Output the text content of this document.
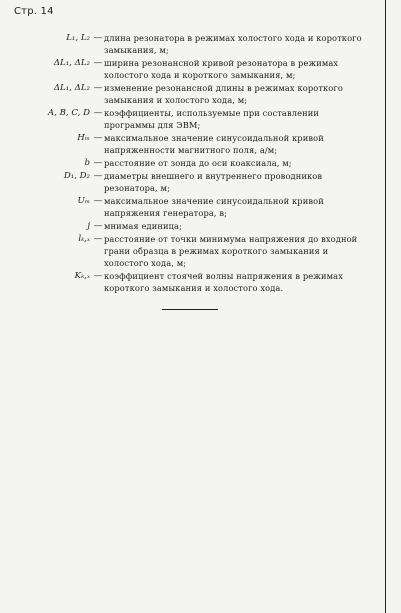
Стр. 14
L₁, L₂ — длина резонатора в режимах холостого хода и короткого замыкания, м;
ΔL₁, ΔL₂ — ширина резонансной кривой резонатора в режимах холостого хода и короткого замыкания, м;
ΔL₁, ΔL₂ — изменение резонансной длины в режимах короткого замыкания и холостого хода, м;
A, B, C, D — коэффициенты, используемые при составлении программы для ЭВМ;
Hₘ — максимальное значение синусоидальной кривой напряженности магнитного поля, а/м;
b — расстояние от зонда до оси коаксиала, м;
D₁, D₂ — диаметры внешнего и внутреннего проводников резонатора, м;
Uₘ — максимальное значение синусоидальной кривой напряжения генератора, в;
j — мнимая единица;
lₖ,ₓ — расстояние от точки минимума напряжения до входной грани образца в режимах короткого замыкания и холостого хода, м;
Kₖ,ₓ — коэффициент стоячей волны напряжения в режимах короткого замыкания и холостого хода.
